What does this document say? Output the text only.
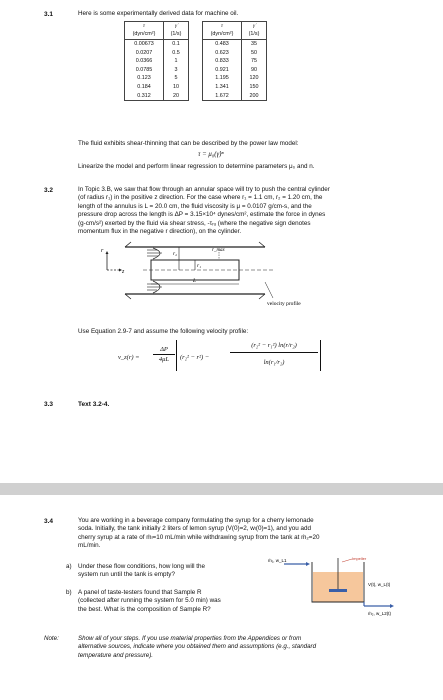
3.1	Here is some experimentally derived data for machine oil.
τ	γ̇		τ	γ̇
(dyn/cm²)	(1/s)		(dyn/cm²)	(1/s)
0.00673	0.1		0.483	35
0.0207	0.5		0.623	50
0.0366	1		0.833	75
0.0785	3		0.921	90
0.123	5		1.195	120
0.184	10		1.341	150
0.312	20		1.672	200
The fluid exhibits shear-thinning that can be described by the power law model:
τ = μ₀(γ̇)ⁿ
Linearize the model and perform linear regression to determine parameters μ₀ and n.
3.2	In Topic 3.B, we saw that flow through an annular space will try to push the central cylinder
(of radius r₁) in the positive z direction. For the case where r₁ = 1.1 cm, r₂ = 1.20 cm, the
length of the annulus is L = 20.0 cm, the fluid viscosity is μ = 0.0107 g/cm-s, and the
pressure drop across the length is ΔP = 3.15×10⁴ dynes/cm², estimate the force in dynes
(g-cm/s²) exerted by the fluid via shear stress, -τᵣᵤ (where the negative sign denotes
momentum flux in the negative r direction), on the cylinder.
r
z
r₂
r₁
r_max
L
velocity profile
Use Equation 2.9-7 and assume the following velocity profile:
v_z(r) =
ΔP
4μL	(r₂² − r²) −
(r₂² − r₁²) ln(r/r₂)
ln(r₁/r₂)
3.3	Text 3.2-4.
3.4	You are working in a beverage company formulating the syrup for a cherry lemonade
soda. Initially, the tank initially 2 liters of lemon syrup (V(0)=2, wₗ(0)=1), and you add
cherry syrup at a rate of ṁₗ=10 mL/min while withdrawing syrup from the tank at ṁ₂=20
mL/min.
a) Under these flow conditions, how long will the
system run until the tank is empty?
b) A panel of taste-testers found that Sample R
(collected after running the system for 5.0 min) was
the best. What is the composition of Sample R?
ṁ₁, w_L1	Impeller
V(t), w_L(t)
ṁ₂, w_L2(t)
Note:	Show all of your steps. If you use material properties from the Appendices or from
alternative sources, indicate where you obtained them and assumptions (e.g., standard
temperature and pressure).
